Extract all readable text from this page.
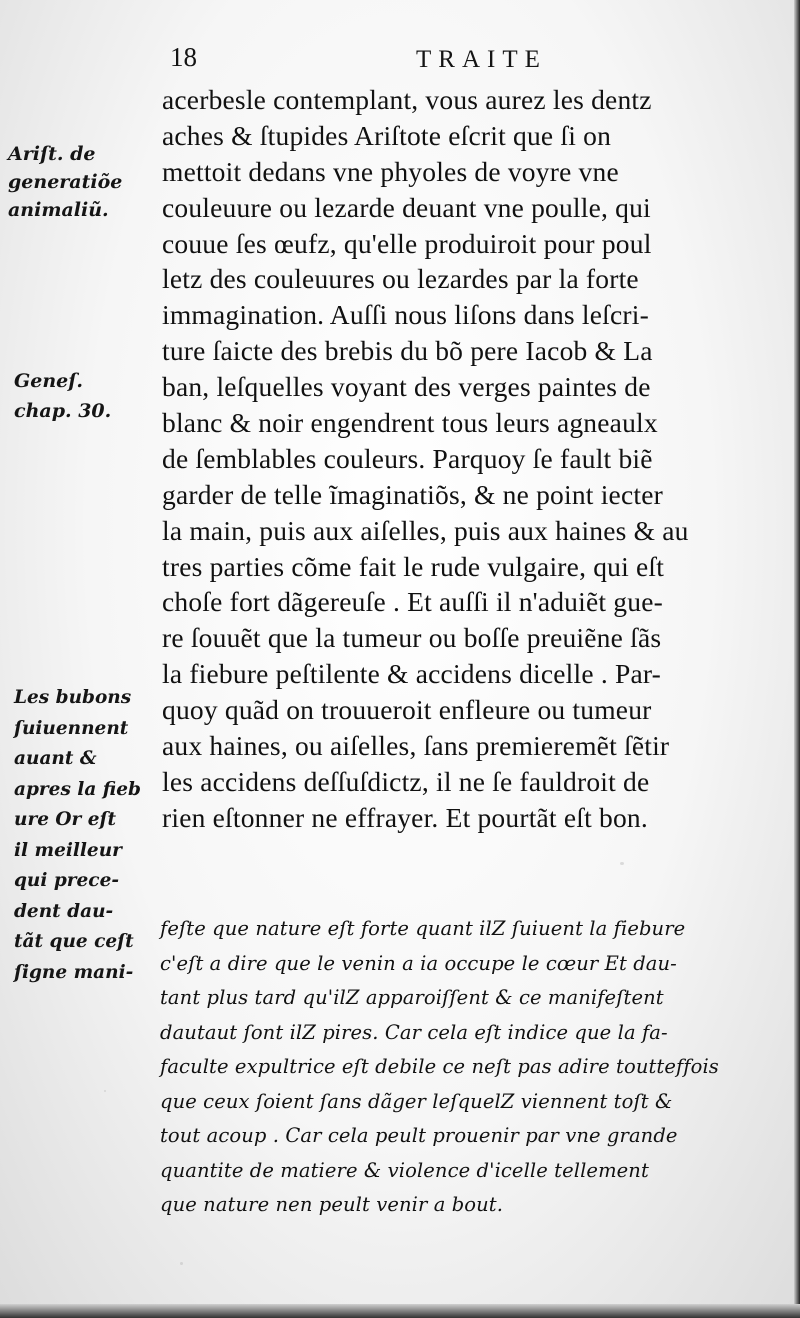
18	TRAITE
acerbesle contemplant, vous aurez les dentz
aches & ſtupides Ariſtote eſcrit que ſi on
mettoit dedans vne phyoles de voyre vne
couleuure ou lezarde deuant vne poulle, qui
couue ſes œufz, qu'elle produiroit pour poul
letz des couleuures ou lezardes par la forte
immagination. Auſſi nous liſons dans leſcri-
ture ſaicte des brebis du bõ pere Iacob & La
ban, leſquelles voyant des verges paintes de
blanc & noir engendrent tous leurs agneaulx
de ſemblables couleurs. Parquoy ſe fault biẽ
garder de telle ĩmaginatiõs, & ne point iecter
la main, puis aux aiſelles, puis aux haines & au
tres parties cõme fait le rude vulgaire, qui eſt
choſe fort dãgereuſe . Et auſſi il n'aduiẽt gue-
re ſouuẽt que la tumeur ou boſſe preuiẽne ſãs
la fiebure peſtilente & accidens dicelle . Par-
quoy quãd on trouueroit enfleure ou tumeur
aux haines, ou aiſelles, ſans premieremẽt ſẽtir
les accidens deſſuſdictz, il ne ſe fauldroit de
rien eſtonner ne effrayer. Et pourtãt eſt bon.
feſte que nature eſt forte quant ilZ ſuiuent la fiebure
c'eſt a dire que le venin a ia occupe le cœur Et dau-
tant plus tard qu'ilZ apparoiſſent & ce manifeſtent
dautaut ſont ilZ pires. Car cela eſt indice que la fa-
faculte expultrice eſt debile ce neſt pas adire toutteffois
que ceux ſoient ſans dãger leſquelZ viennent toſt &
tout acoup . Car cela peult prouenir par vne grande
quantite de matiere & violence d'icelle tellement
que nature nen peult venir a bout.
Ariſt. de
generatiõe
animaliũ.
Geneſ.
chap. 30.
Les bubons
ſuiuennent
auant &
apres la fieb
ure Or eſt
il meilleur
qui prece-
dent dau-
tãt que ceſt
ſigne mani-
